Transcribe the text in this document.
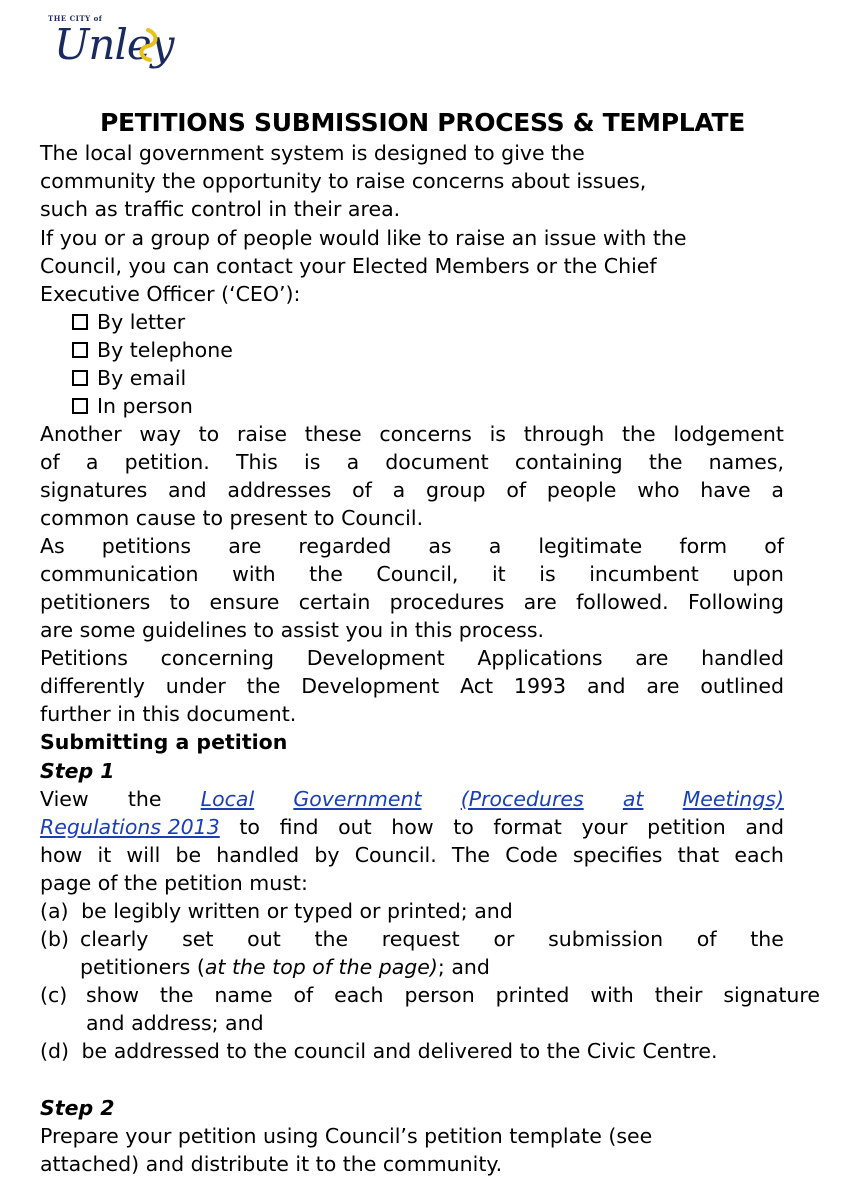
THE CITY of
Unley
PETITIONS SUBMISSION PROCESS & TEMPLATE
The local government system is designed to give the
community the opportunity to raise concerns about issues,
such as traffic control in their area.
If you or a group of people would like to raise an issue with the
Council, you can contact your Elected Members or the Chief
Executive Officer (‘CEO’):
By letter
By telephone
By email
In person
Another way to raise these concerns is through the lodgement
of a petition. This is a document containing the names,
signatures and addresses of a group of people who have a
common cause to present to Council.
As petitions are regarded as a legitimate form of
communication with the Council, it is incumbent upon
petitioners to ensure certain procedures are followed. Following
are some guidelines to assist you in this process.
Petitions concerning Development Applications are handled
differently under the Development Act 1993 and are outlined
further in this document.
Submitting a petition
Step 1
View the Local Government (Procedures at Meetings)
Regulations 2013 to find out how to format your petition and
how it will be handled by Council. The Code specifies that each
page of the petition must:
(a) be legibly written or typed or printed; and
(b) clearly set out the request or submission of the
petitioners (at the top of the page); and
(c) show the name of each person printed with their signature
and address; and
(d) be addressed to the council and delivered to the Civic Centre.
Step 2
Prepare your petition using Council’s petition template (see
attached) and distribute it to the community.
